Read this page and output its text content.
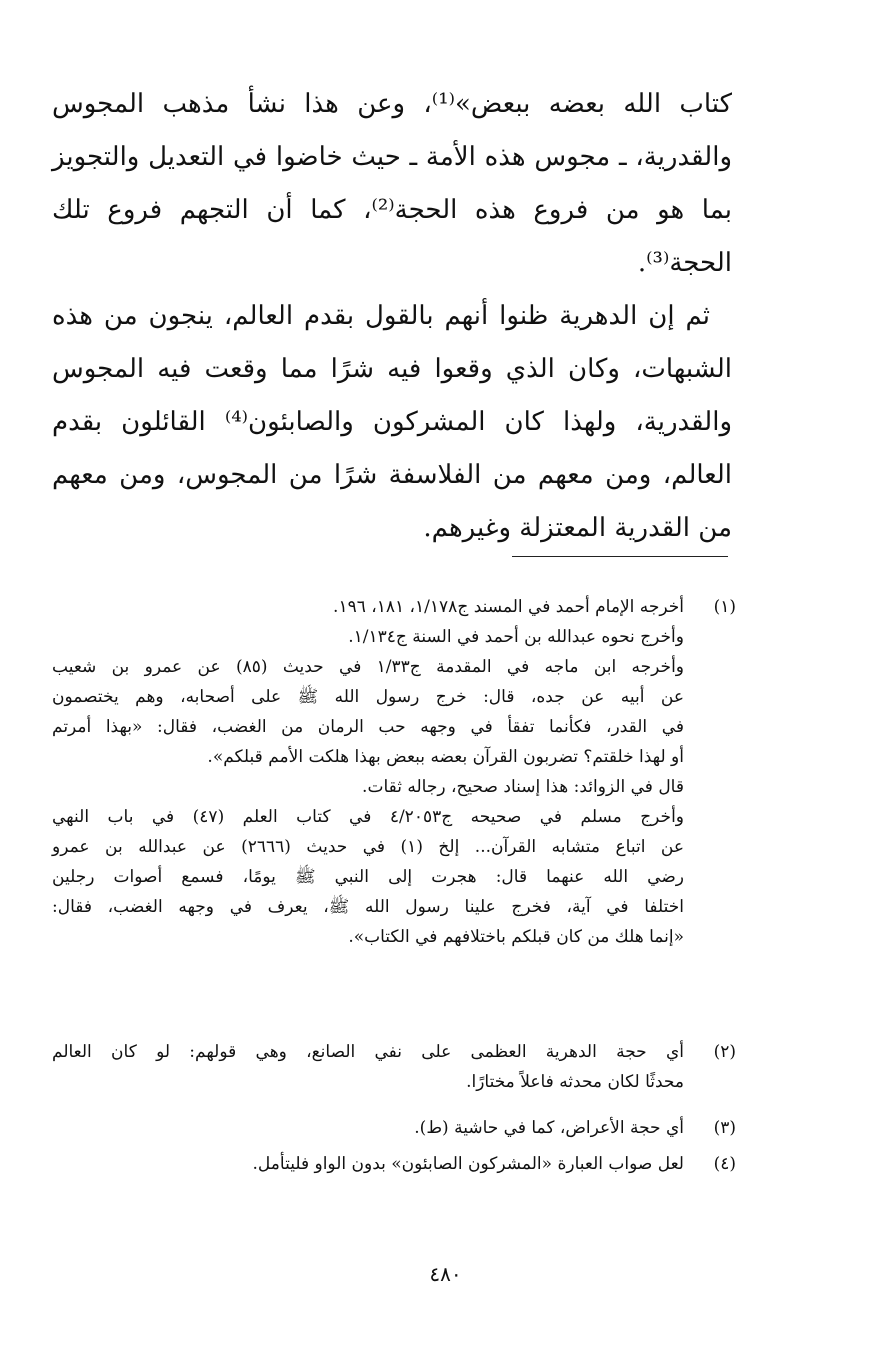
كتاب الله بعضه ببعض»⁽¹⁾، وعن هذا نشأ مذهب المجوس والقدرية، ـ مجوس هذه الأمة ـ حيث خاضوا في التعديل والتجويز بما هو من فروع هذه الحجة⁽²⁾، كما أن التجهم فروع تلك الحجة⁽³⁾.

ثم إن الدهرية ظنوا أنهم بالقول بقدم العالم، ينجون من هذه الشبهات، وكان الذي وقعوا فيه شرًا مما وقعت فيه المجوس والقدرية، ولهذا كان المشركون والصابئون⁽⁴⁾ القائلون بقدم العالم، ومن معهم من الفلاسفة شرًا من المجوس، ومن معهم من القدرية المعتزلة وغيرهم.

(١)
أخرجه الإمام أحمد في المسند ج١/١٧٨، ١٨١، ١٩٦.
وأخرج نحوه عبدالله بن أحمد في السنة ج١/١٣٤.
وأخرجه ابن ماجه في المقدمة ج١/٣٣ في حديث (٨٥) عن عمرو بن شعيب
عن أبيه عن جده، قال: خرج رسول الله ﷺ على أصحابه، وهم يختصمون
في القدر، فكأنما تفقأ في وجهه حب الرمان من الغضب، فقال: «بهذا أمرتم
أو لهذا خلقتم؟ تضربون القرآن بعضه ببعض بهذا هلكت الأمم قبلكم».
قال في الزوائد: هذا إسناد صحيح، رجاله ثقات.
وأخرج مسلم في صحيحه ج٤/٢٠٥٣ في كتاب العلم (٤٧) في باب النهي
عن اتباع متشابه القرآن... إلخ (١) في حديث (٢٦٦٦) عن عبدالله بن عمرو
رضي الله عنهما قال: هجرت إلى النبي ﷺ يومًا، فسمع أصوات رجلين
اختلفا في آية، فخرج علينا رسول الله ﷺ، يعرف في وجهه الغضب، فقال:
«إنما هلك من كان قبلكم باختلافهم في الكتاب».
(٢)
أي حجة الدهرية العظمى على نفي الصانع، وهي قولهم: لو كان العالم
محدثًا لكان محدثه فاعلاً مختارًا.
(٣)
أي حجة الأعراض، كما في حاشية (ط).
(٤)
لعل صواب العبارة «المشركون الصابئون» بدون الواو فليتأمل.
٤٨٠
